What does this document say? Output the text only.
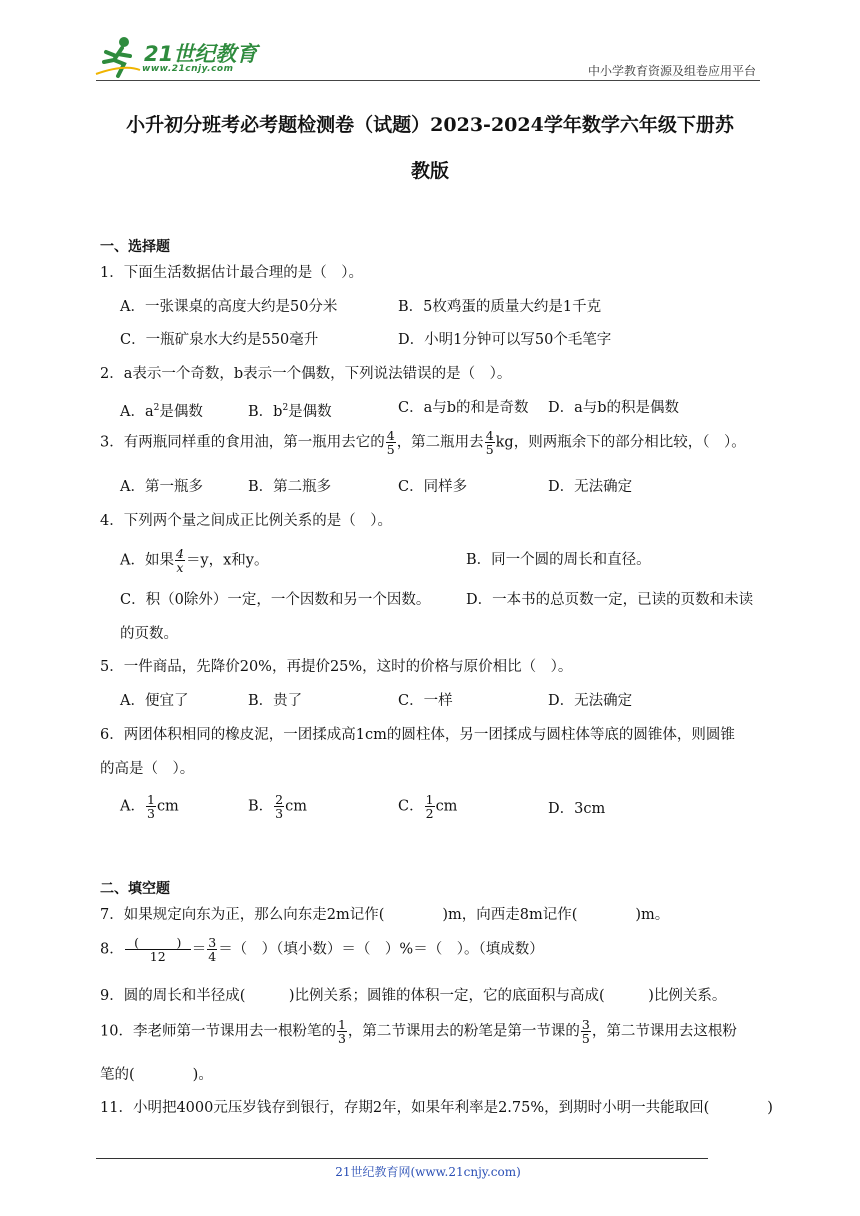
21世纪教育
www.21cnjy.com	中小学教育资源及组卷应用平台
小升初分班考必考题检测卷（试题）2023-2024学年数学六年级下册苏
教版
一、选择题
1．下面生活数据估计最合理的是（　）。
A．一张课桌的高度大约是50分米	B．5枚鸡蛋的质量大约是1千克
C．一瓶矿泉水大约是550毫升	D．小明1分钟可以写50个毛笔字
2．a表示一个奇数，b表示一个偶数，下列说法错误的是（　）。
A．$a^2$是偶数	B．$b^2$是偶数	C．a与b的和是奇数 D．a与b的积是偶数
3．有两瓶同样重的食用油，第一瓶用去它的 $\frac{4}{5}$ ，第二瓶用去 $\frac{4}{5}$ kg，则两瓶余下的部分相比较，（　）。
A．第一瓶多	B．第二瓶多	C．同样多	D．无法确定
4．下列两个量之间成正比例关系的是（　）。
A．如果 $\frac{4}{x} =y$，x和y。	B．同一个圆的周长和直径。
C．积（0除外）一定，一个因数和另一个因数。 D．一本书的总页数一定，已读的页数和未读
的页数。
5．一件商品，先降价20%，再提价25%，这时的价格与原价相比（　）。
A．便宜了	B．贵了	C．一样	D．无法确定
6．两团体积相同的橡皮泥，一团揉成高1cm的圆柱体，另一团揉成与圆柱体等底的圆锥体，则圆锥
的高是（　）。
A． $\frac{1}{3}$ cm	B． $\frac{2}{3}$ cm	C． $\frac{1}{2}$ cm	D．3cm
二、填空题
7．如果规定向东为正，那么向东走2m记作(　　　　)m，向西走8m记作(　　　　)m。
8． $\frac{( )}{12} = \frac{3}{4}$ ＝（　）（填小数）＝（　）%＝（　）。（填成数）
9．圆的周长和半径成(　　　)比例关系；圆锥的体积一定，它的底面积与高成(　　　)比例关系。
10．李老师第一节课用去一根粉笔的 $\frac{1}{3}$ ，第二节课用去的粉笔是第一节课的 $\frac{3}{5}$ ，第二节课用去这根粉
笔的(　　　　)。
11．小明把4000元压岁钱存到银行，存期2年，如果年利率是2.75%，到期时小明一共能取回(　　　　)
21世纪教育网(www.21cnjy.com)
